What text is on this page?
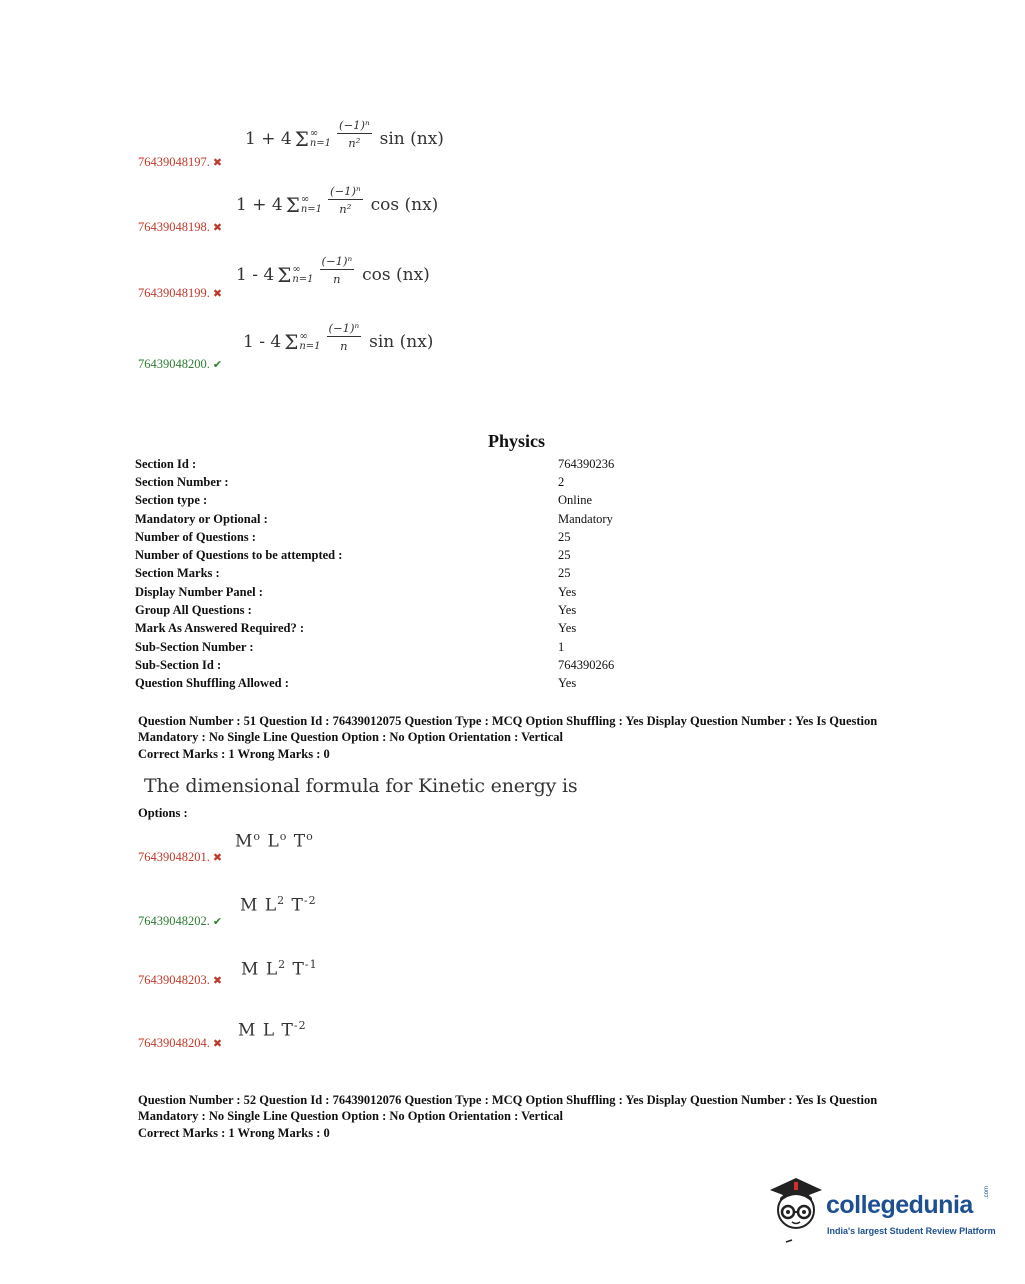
1 + 4 Σ ∞
$n=1 \frac{\text{(−1)ⁿ}}{\text{n²}}$ sin (nx)
76439048197. ✖
1 + 4 Σ ∞
$n=1 \frac{\text{(−1)ⁿ}}{\text{n²}}$ cos (nx)
76439048198. ✖
1 - 4 Σ ∞
$n=1 \frac{\text{(−1)ⁿ}}{n}$ cos (nx)
76439048199. ✖
1 - 4 Σ ∞
$n=1 \frac{\text{(−1)ⁿ}}{n}$ sin (nx)
76439048200. ✔
Physics
Section Id :	764390236
Section Number :	2
Section type :	Online
Mandatory or Optional :	Mandatory
Number of Questions :	25
Number of Questions to be attempted :	25
Section Marks :	25
Display Number Panel :	Yes
Group All Questions :	Yes
Mark As Answered Required? :	Yes
Sub-Section Number :	1
Sub-Section Id :	764390266
Question Shuffling Allowed :	Yes
Question Number : 51 Question Id : 76439012075 Question Type : MCQ Option Shuffling : Yes Display Question Number : Yes Is Question Mandatory : No Single Line Question Option : No Option Orientation : Vertical
Correct Marks : 1 Wrong Marks : 0
The dimensional formula for Kinetic energy is
Options :
$M^o$ $L^o$ $T^o$
76439048201. ✖
M $L^2$ $T^{-2}$
76439048202. ✔
M $L^2$ $T^{-1}$
76439048203. ✖
M L $T^{-2}$
76439048204. ✖
Question Number : 52 Question Id : 76439012076 Question Type : MCQ Option Shuffling : Yes Display Question Number : Yes Is Question Mandatory : No Single Line Question Option : No Option Orientation : Vertical
Correct Marks : 1 Wrong Marks : 0
collegedunia .com
India's largest Student Review Platform
